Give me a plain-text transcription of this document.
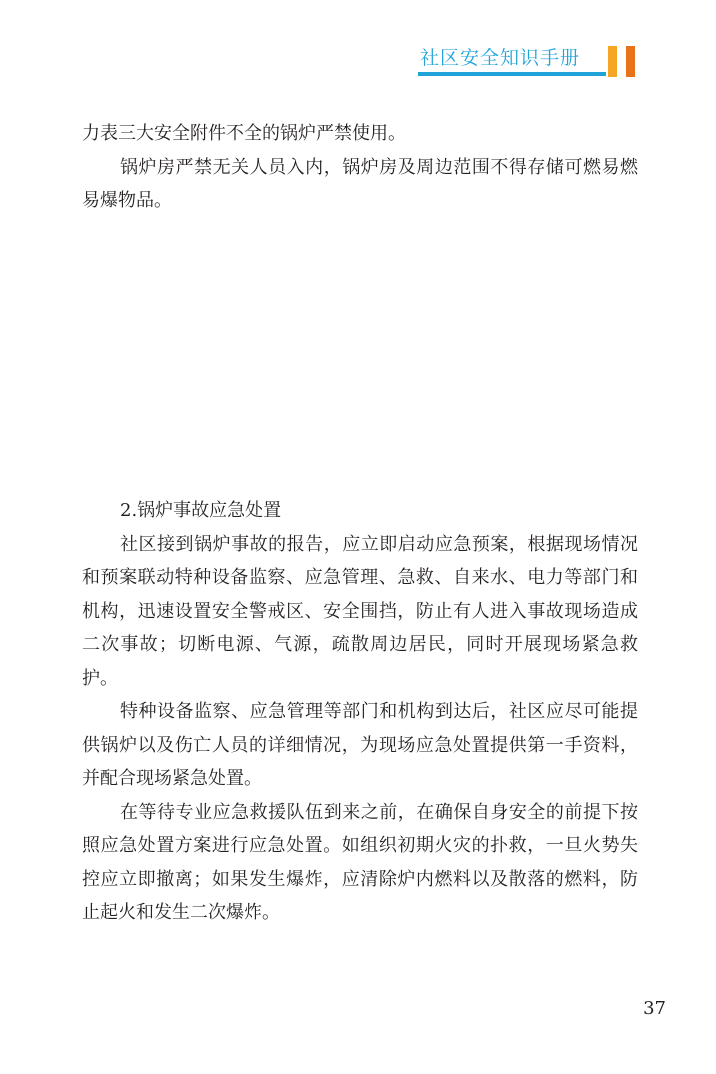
社区安全知识手册

力表三大安全附件不全的锅炉严禁使用。

锅炉房严禁无关人员入内，锅炉房及周边范围不得存储可燃易燃易爆物品。

2.锅炉事故应急处置

社区接到锅炉事故的报告，应立即启动应急预案，根据现场情况和预案联动特种设备监察、应急管理、急救、自来水、电力等部门和机构，迅速设置安全警戒区、安全围挡，防止有人进入事故现场造成二次事故；切断电源、气源，疏散周边居民，同时开展现场紧急救护。

特种设备监察、应急管理等部门和机构到达后，社区应尽可能提供锅炉以及伤亡人员的详细情况，为现场应急处置提供第一手资料，并配合现场紧急处置。

在等待专业应急救援队伍到来之前，在确保自身安全的前提下按照应急处置方案进行应急处置。如组织初期火灾的扑救，一旦火势失控应立即撤离；如果发生爆炸，应清除炉内燃料以及散落的燃料，防止起火和发生二次爆炸。

37
